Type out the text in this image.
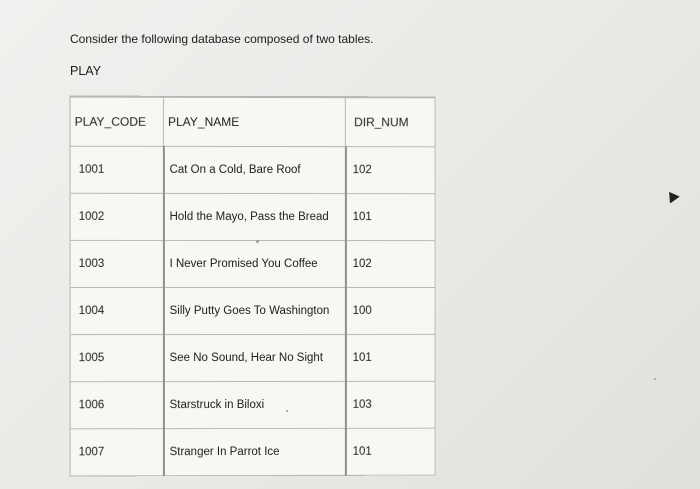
Consider the following database composed of two tables.

PLAY

PLAY_CODE	PLAY_NAME	DIR_NUM
1001	Cat On a Cold, Bare Roof	102
1002	Hold the Mayo, Pass the Bread	101
1003	I Never Promised You Coffee	102
1004	Silly Putty Goes To Washington	100
1005	See No Sound, Hear No Sight	101
1006	Starstruck in Biloxi	103
1007	Stranger In Parrot Ice	101
